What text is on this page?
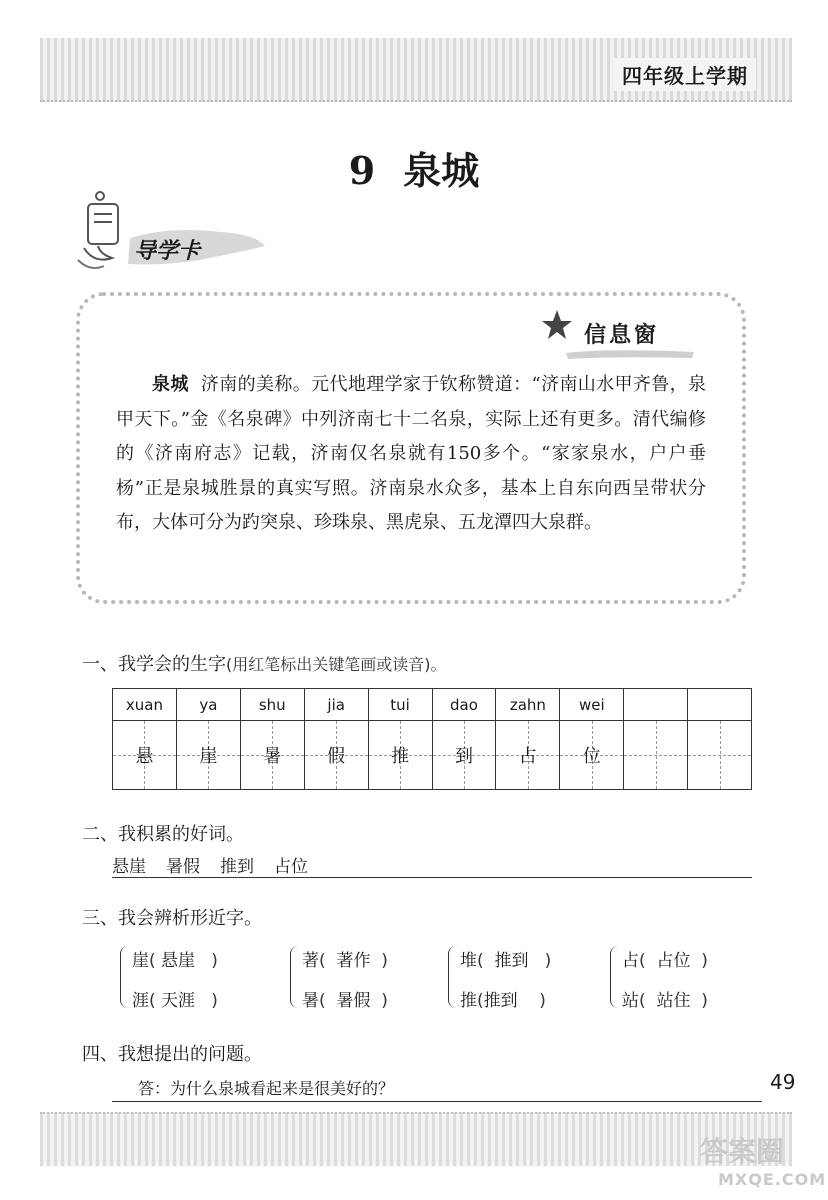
四年级上学期
9 泉城
导学卡
信息窗
泉城 济南的美称。元代地理学家于钦称赞道：“济南山水甲齐鲁，泉甲天下。”金《名泉碑》中列济南七十二名泉，实际上还有更多。清代编修的《济南府志》记载，济南仅名泉就有150多个。“家家泉水，户户垂杨”正是泉城胜景的真实写照。济南泉水众多，基本上自东向西呈带状分布，大体可分为趵突泉、珍珠泉、黑虎泉、五龙潭四大泉群。
一、我学会的生字(用红笔标出关键笔画或读音)。
xuan
悬
ya
崖
shu
暑
jia
假
tui
推
dao
到
zahn
占
wei
位
二、我积累的好词。
悬崖 暑假 推到 占位
三、我会辨析形近字。
崖( 悬崖 )
涯( 天涯 )
著( 著作 )
暑( 暑假 )
堆( 推到 )
推(推到 )
占( 占位 )
站( 站住 )
四、我想提出的问题。
答：为什么泉城看起来是很美好的？	49
答案圈
MXQE.COM
